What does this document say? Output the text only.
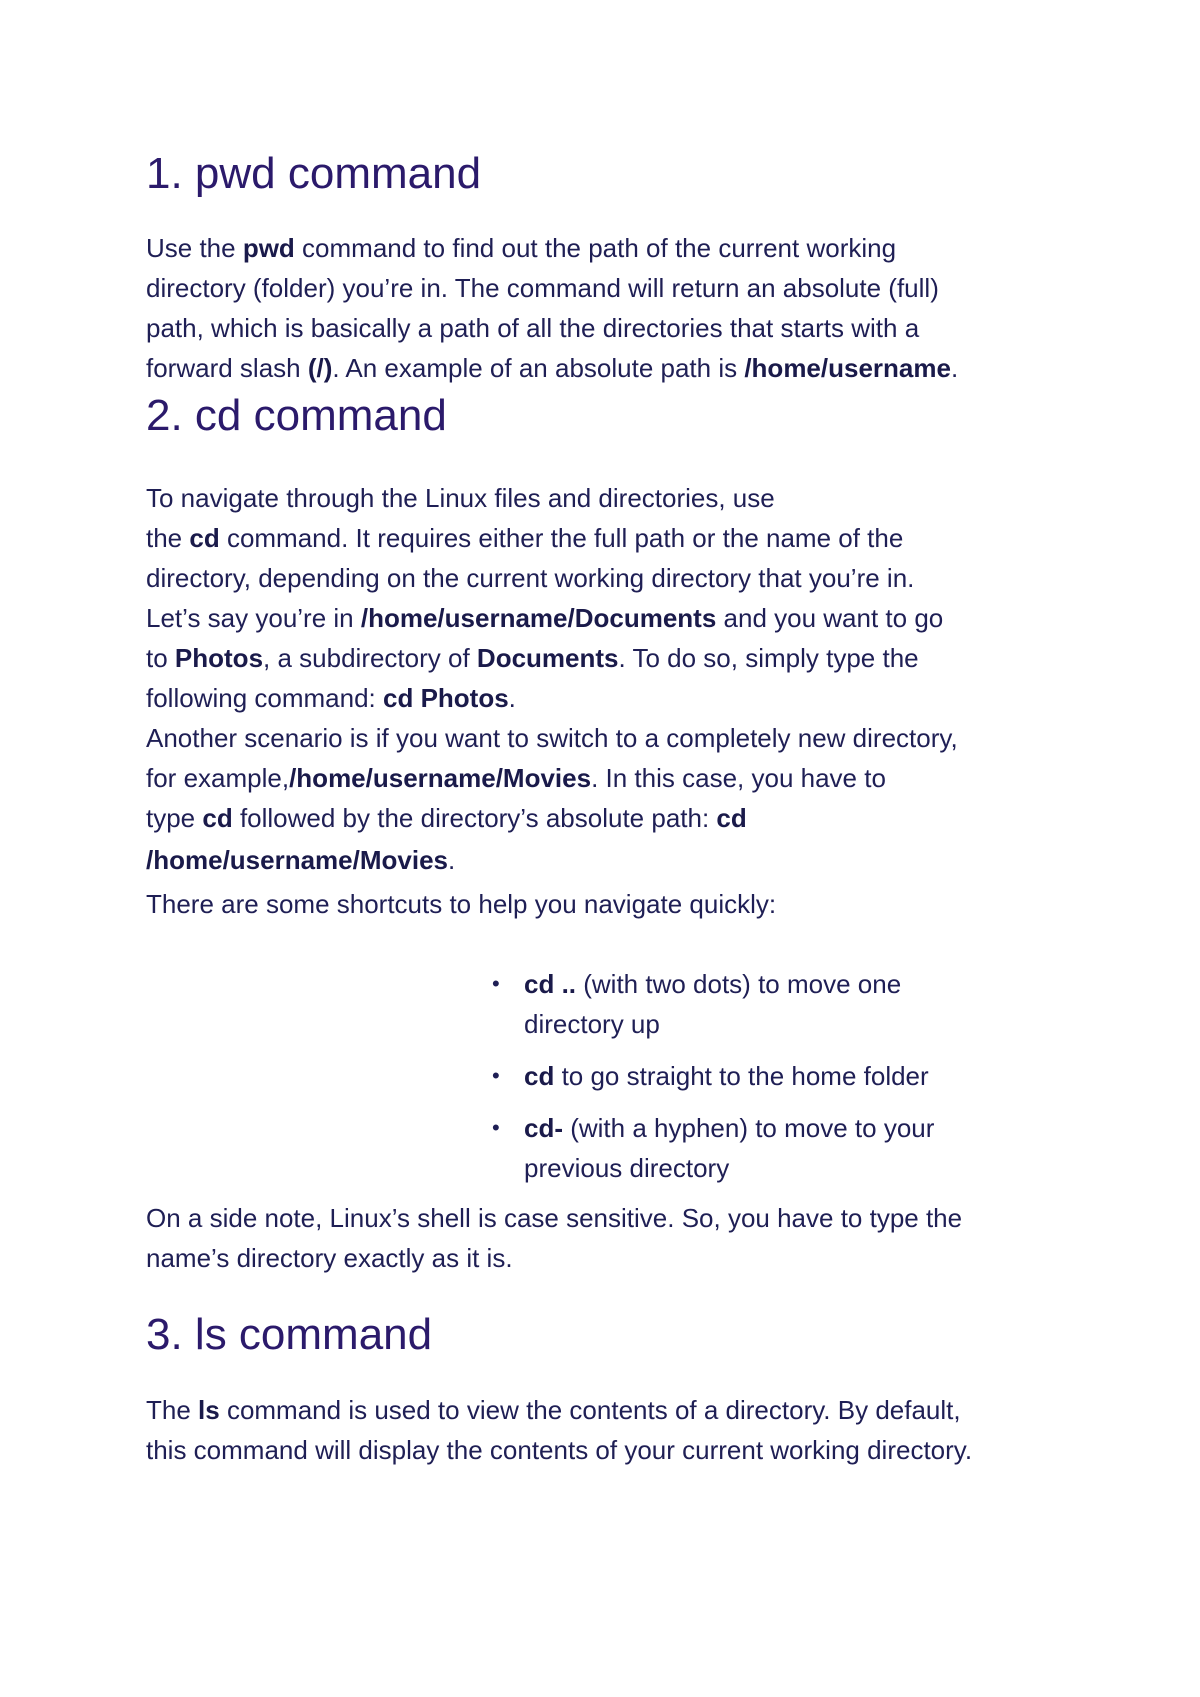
1. pwd command
Use the pwd command to find out the path of the current working
directory (folder) you’re in. The command will return an absolute (full)
path, which is basically a path of all the directories that starts with a
forward slash (/). An example of an absolute path is /home/username.
2. cd command
To navigate through the Linux files and directories, use
the cd command. It requires either the full path or the name of the
directory, depending on the current working directory that you’re in.
Let’s say you’re in /home/username/Documents and you want to go
to Photos, a subdirectory of Documents. To do so, simply type the
following command: cd Photos.
Another scenario is if you want to switch to a completely new directory,
for example,/home/username/Movies. In this case, you have to
type cd followed by the directory’s absolute path: cd
/home/username/Movies.
There are some shortcuts to help you navigate quickly:
• cd .. (with two dots) to move one
directory up
• cd to go straight to the home folder
• cd- (with a hyphen) to move to your
previous directory
On a side note, Linux’s shell is case sensitive. So, you have to type the
name’s directory exactly as it is.
3. ls command
The ls command is used to view the contents of a directory. By default,
this command will display the contents of your current working directory.
